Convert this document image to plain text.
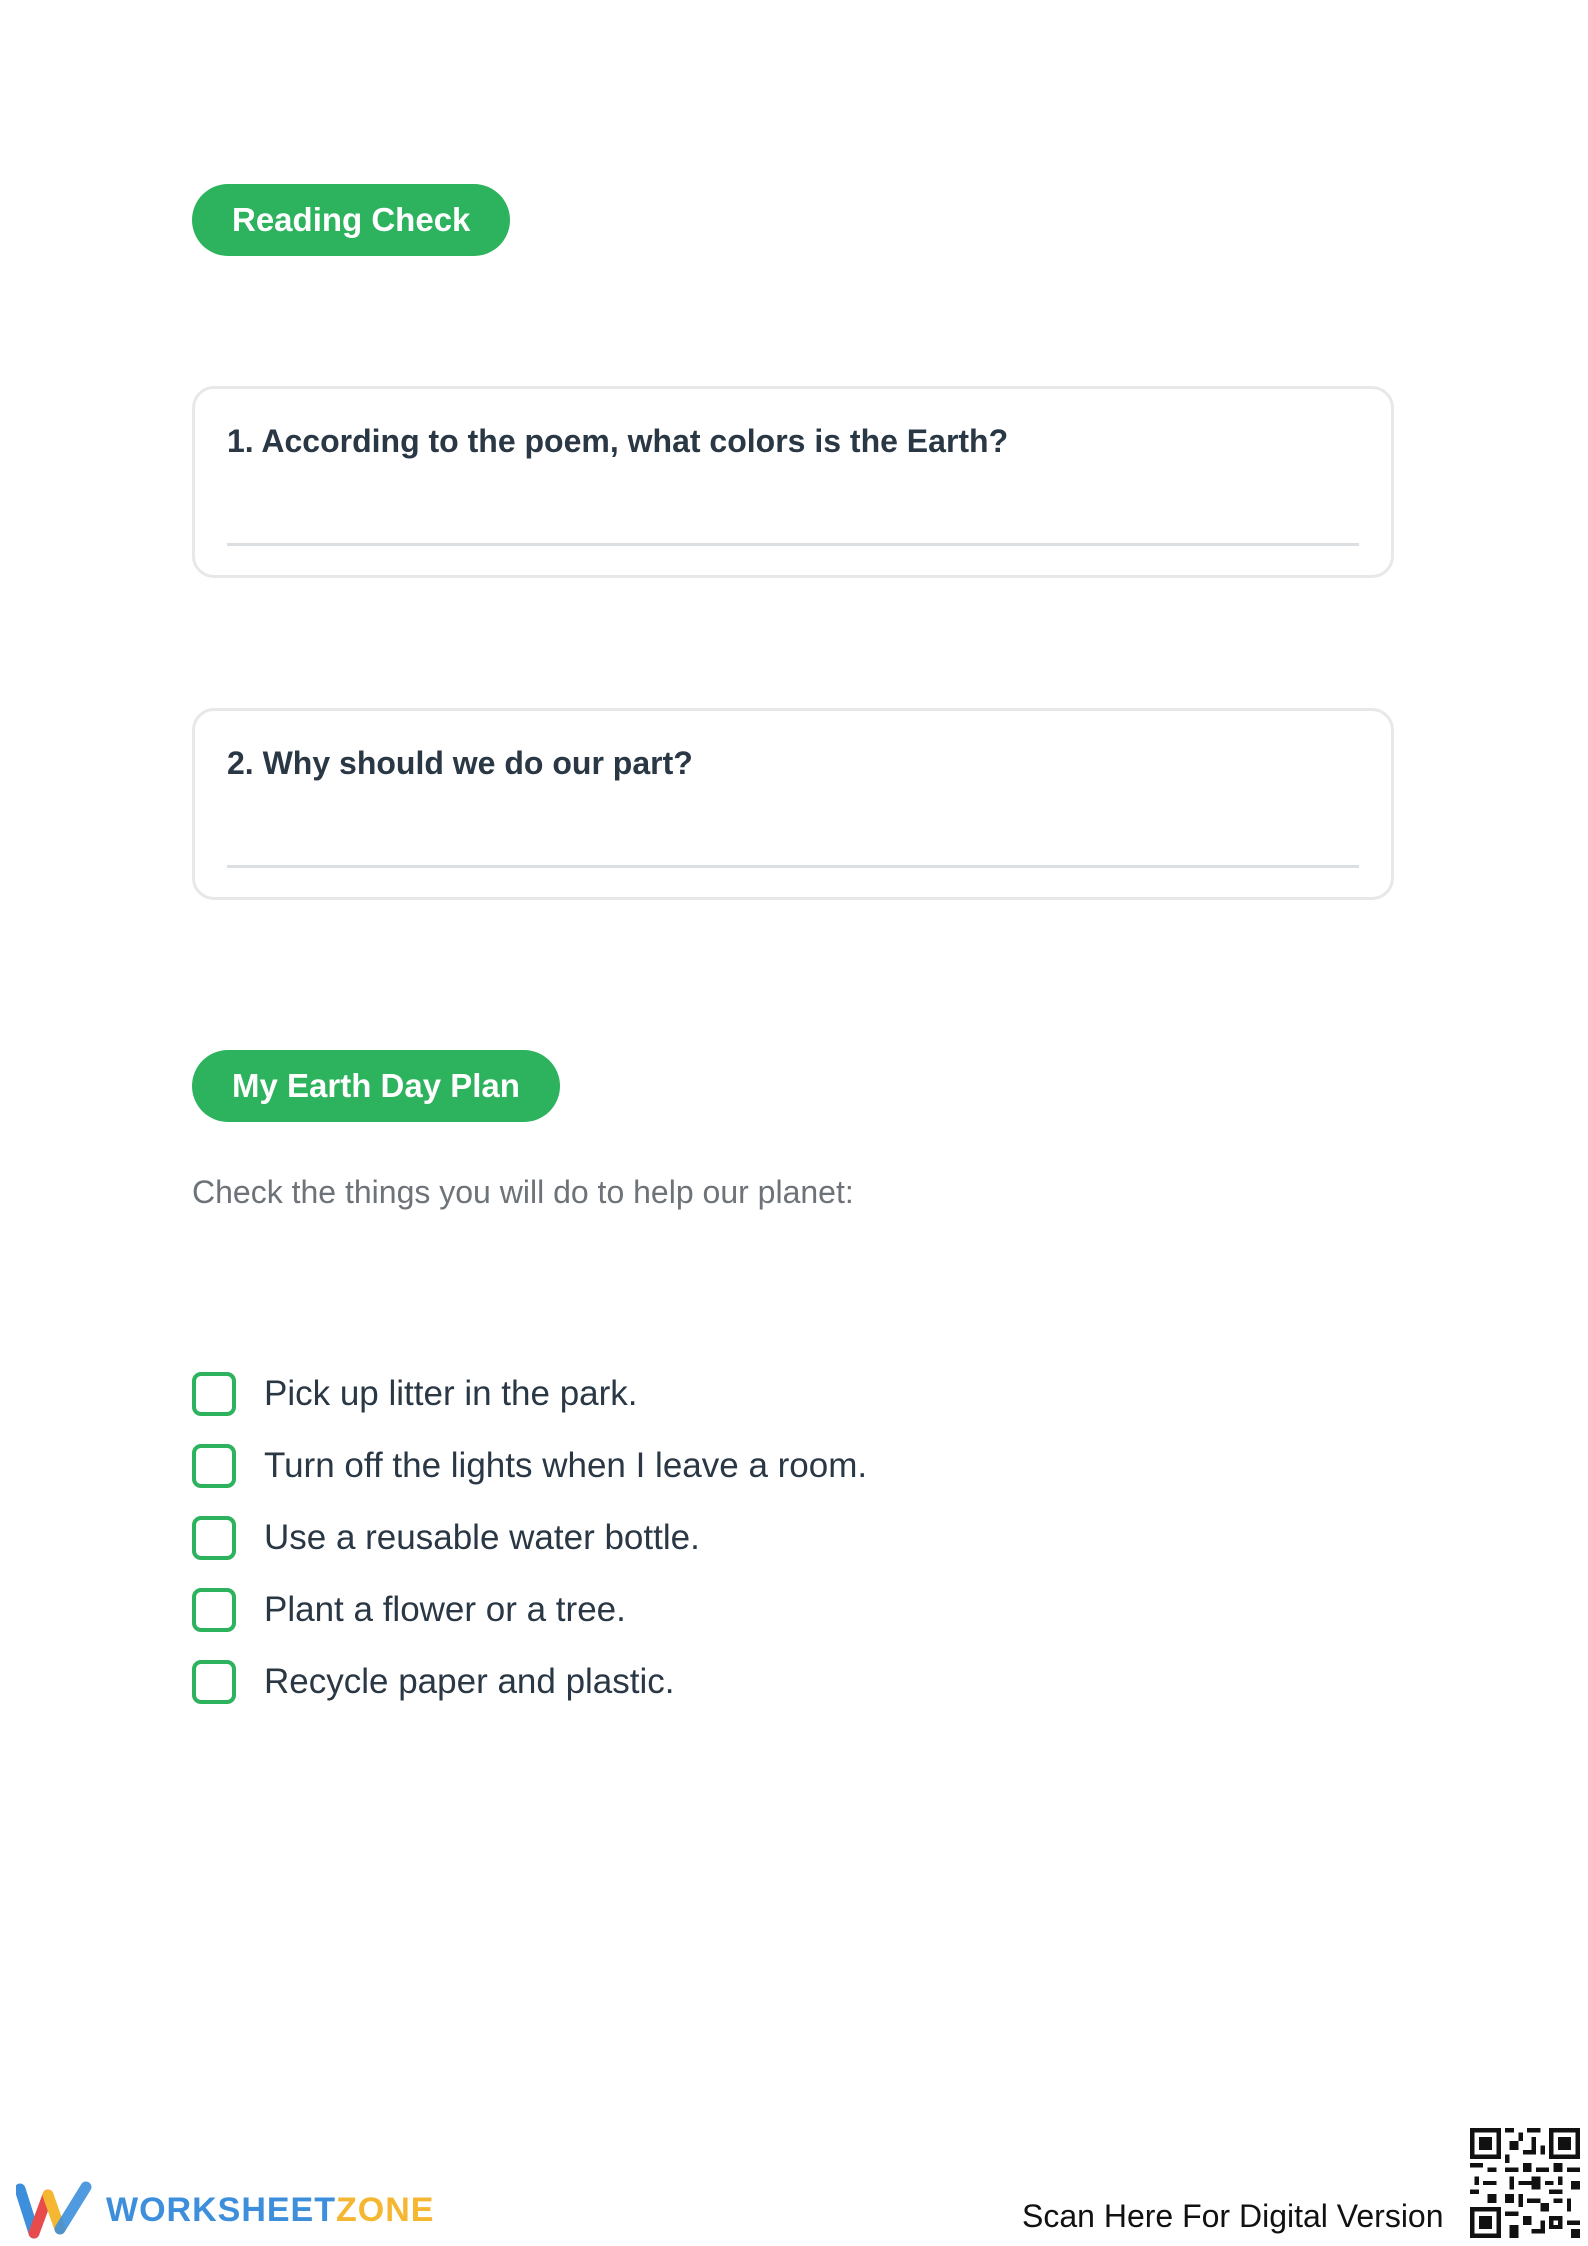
Reading Check
1. According to the poem, what colors is the Earth?
2. Why should we do our part?
My Earth Day Plan
Check the things you will do to help our planet:
Pick up litter in the park.
Turn off the lights when I leave a room.
Use a reusable water bottle.
Plant a flower or a tree.
Recycle paper and plastic.
WORKSHEETZONE	Scan Here For Digital Version
